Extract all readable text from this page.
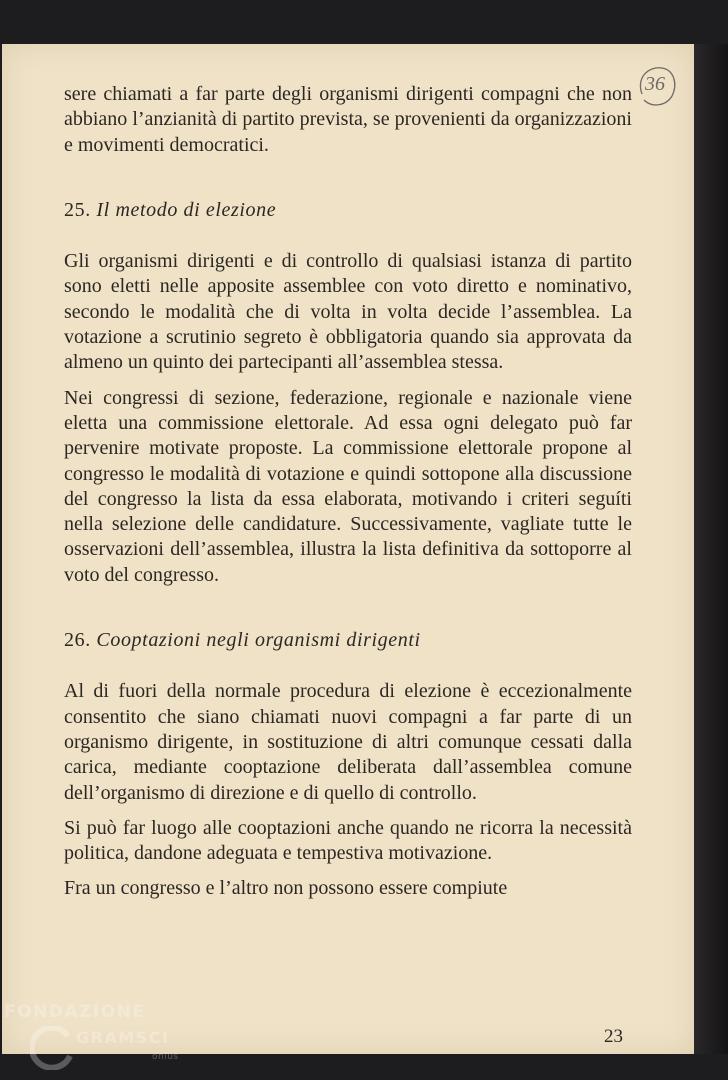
36

sere chiamati a far parte degli organismi dirigenti compagni che non abbiano l’anzianità di partito prevista, se provenienti da organizzazioni e movimenti democratici.

25. Il metodo di elezione

Gli organismi dirigenti e di controllo di qualsiasi istanza di partito sono eletti nelle apposite assemblee con voto diretto e nominativo, secondo le modalità che di volta in volta decide l’assemblea. La votazione a scrutinio segreto è obbligatoria quando sia approvata da almeno un quinto dei partecipanti all’assemblea stessa.

Nei congressi di sezione, federazione, regionale e nazionale viene eletta una commissione elettorale. Ad essa ogni delegato può far pervenire motivate proposte. La commissione elettorale propone al congresso le modalità di votazione e quindi sottopone alla discussione del congresso la lista da essa elaborata, motivando i criteri seguíti nella selezione delle candidature. Successivamente, vagliate tutte le osservazioni dell’assemblea, illustra la lista definitiva da sottoporre al voto del congresso.

26. Cooptazioni negli organismi dirigenti

Al di fuori della normale procedura di elezione è eccezionalmente consentito che siano chiamati nuovi compagni a far parte di un organismo dirigente, in sostituzione di altri comunque cessati dalla carica, mediante cooptazione deliberata dall’assemblea comune dell’organismo di direzione e di quello di controllo.

Si può far luogo alle cooptazioni anche quando ne ricorra la necessità politica, dandone adeguata e tempestiva motivazione.

Fra un congresso e l’altro non possono essere compiute

23
FONDAZIONE
GRAMSCI
onlus
